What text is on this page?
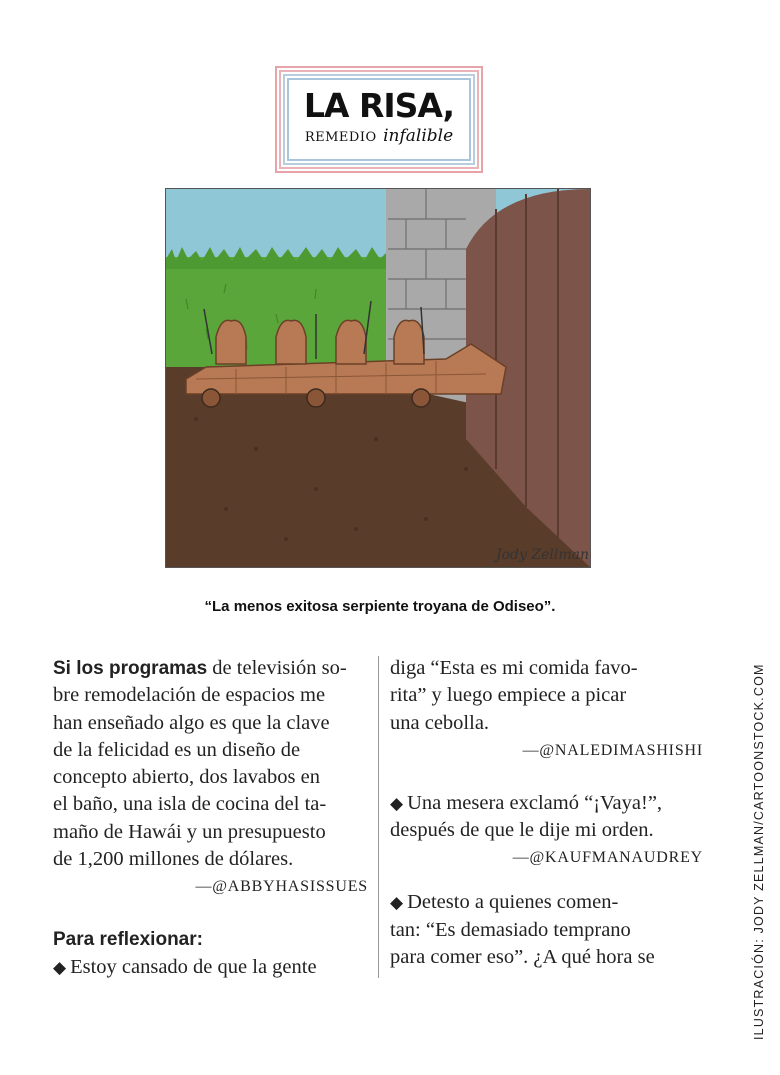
LA RISA,
REMEDIO infalible
Jody Zellman
“La menos exitosa serpiente troyana de Odiseo”.
Si los programas de televisión so-
bre remodelación de espacios me
han enseñado algo es que la clave
de la felicidad es un diseño de
concepto abierto, dos lavabos en
el baño, una isla de cocina del ta-
maño de Hawái y un presupuesto
de 1,200 millones de dólares.
—@ABBYHASISSUES
Para reflexionar:
◆ Estoy cansado de que la gente
diga “Esta es mi comida favo-
rita” y luego empiece a picar
una cebolla.
—@NALEDIMASHISHI
◆ Una mesera exclamó “¡Vaya!”,
después de que le dije mi orden.
—@KAUFMANAUDREY
◆ Detesto a quienes comen-
tan: “Es demasiado temprano
para comer eso”. ¿A qué hora se	ILUSTRACIÓN: JODY ZELLMAN/CARTOONSTOCK.COM
